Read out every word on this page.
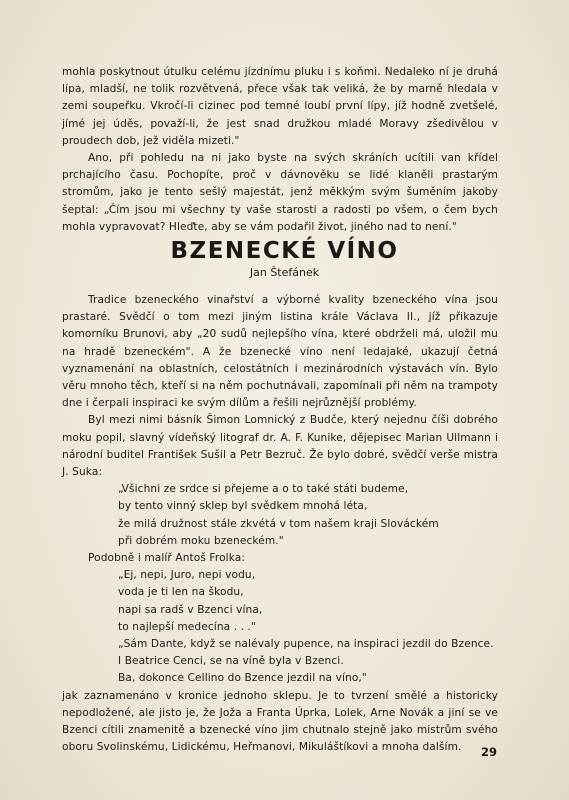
mohla poskytnout útulku celému jízdnímu pluku i s koňmi. Nedaleko ní je druhá lípa, mladší, ne tolik rozvětvená, přece však tak veliká, že by marně hledala v zemi soupeřku. Vkročí-li cizinec pod temné loubí první lípy, jíž hodně zvetšelé, jímé jej úděs, považí-li, že jest snad družkou mladé Moravy zšedivělou v proudech dob, jež viděla mizeti."

Ano, při pohledu na ni jako byste na svých skráních ucítili van křídel prchajícího času. Pochopíte, proč v dávnověku se lidé klaněli prastarým stromům, jako je tento sešlý majestát, jenž měkkým svým šuměním jakoby šeptal: „Čím jsou mi všechny ty vaše starosti a radosti po všem, o čem bych mohla vypravovat? Hleďte, aby se vám podařil život, jiného nad to není."

BZENECKÉ VÍNO
Jan Štefánek

Tradice bzeneckého vinařství a výborné kvality bzeneckého vína jsou prastaré. Svědčí o tom mezi jiným listina krále Václava II., jíž přikazuje komorníku Brunovi, aby „20 sudů nejlepšího vína, které obdrželi má, uložil mu na hradě bzeneckém". A že bzenecké víno není ledajaké, ukazují četná vyznamenání na oblastních, celostátních i mezinárodních výstavách vín. Bylo věru mnoho těch, kteří si na něm pochutnávali, zapomínali při něm na trampoty dne i čerpali inspiraci ke svým dílům a řešili nejrůznější problémy.

Byl mezi nimi básník Šimon Lomnický z Budče, který nejednu číši dobrého moku popil, slavný vídeňský litograf dr. A. F. Kunike, dějepisec Marian Ullmann i národní buditel František Sušil a Petr Bezruč. Že bylo dobré, svědčí verše mistra J. Suka:

„Všichni ze srdce si přejeme a o to také státi budeme,
by tento vinný sklep byl svědkem mnohá léta,
že milá družnost stále zkvétá v tom našem kraji Slováckém
při dobrém moku bzeneckém."

Podobně i malíř Antoš Frolka:

„Ej, nepi, Juro, nepi vodu,
voda je ti len na škodu,
napi sa radš v Bzenci vína,
to najlepší medecína . . ."
„Sám Dante, když se nalévaly pupence, na inspiraci jezdil do Bzence.
I Beatrice Cenci, se na víně byla v Bzenci.
Ba, dokonce Cellino do Bzence jezdil na víno,"

jak zaznamenáno v kronice jednoho sklepu. Je to tvrzení smělé a historicky nepodložené, ale jisto je, že Joža a Franta Úprka, Lolek, Arne Novák a jiní se ve Bzenci cítili znamenitě a bzenecké víno jim chutnalo stejně jako mistrům svého oboru Svolinskému, Lidickému, Heřmanovi, Mikuláštíkovi a mnoha dalším.	29
